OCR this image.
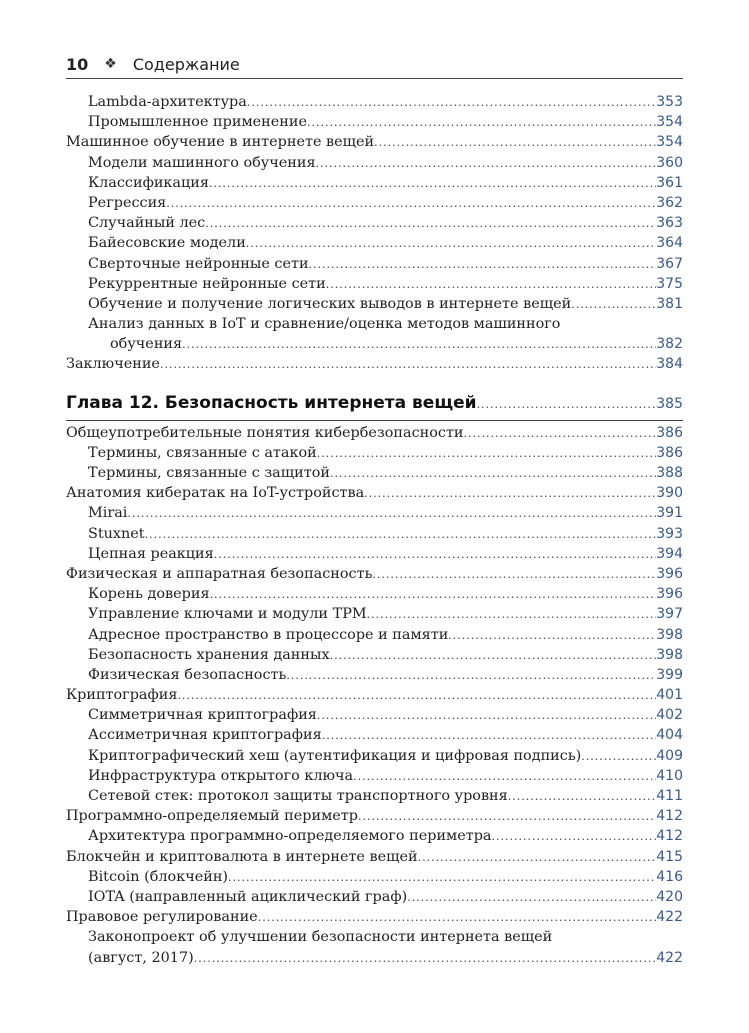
10 ❖ Содержание
Lambda-архитектура .....	353
Промышленное применение .....	354
Машинное обучение в интернете вещей .....	354
Модели машинного обучения .....	360
Классификация .....	361
Регрессия .....	362
Случайный лес .....	363
Байесовские модели .....	364
Сверточные нейронные сети .....	367
Рекуррентные нейронные сети .....	375
Обучение и получение логических выводов в интернете вещей .....	381
Анализ данных в IoT и сравнение/оценка методов машинного
обучения .....	382
Заключение .....	384
Глава 12. Безопасность интернета вещей .....	385
Общеупотребительные понятия кибербезопасности .....	386
Термины, связанные с атакой .....	386
Термины, связанные с защитой .....	388
Анатомия кибератак на IoT-устройства .....	390
Mirai .....	391
Stuxnet .....	393
Цепная реакция .....	394
Физическая и аппаратная безопасность .....	396
Корень доверия .....	396
Управление ключами и модули TPM .....	397
Адресное пространство в процессоре и памяти .....	398
Безопасность хранения данных .....	398
Физическая безопасность .....	399
Криптография .....	401
Симметричная криптография .....	402
Ассиметричная криптография .....	404
Криптографический хеш (аутентификация и цифровая подпись) .....	409
Инфраструктура открытого ключа .....	410
Сетевой стек: протокол защиты транспортного уровня .....	411
Программно-определяемый периметр .....	412
Архитектура программно-определяемого периметра .....	412
Блокчейн и криптовалюта в интернете вещей .....	415
Bitcoin (блокчейн) .....	416
IOTA (направленный ациклический граф) .....	420
Правовое регулирование .....	422
Законопроект об улучшении безопасности интернета вещей
(август, 2017) .....	422
